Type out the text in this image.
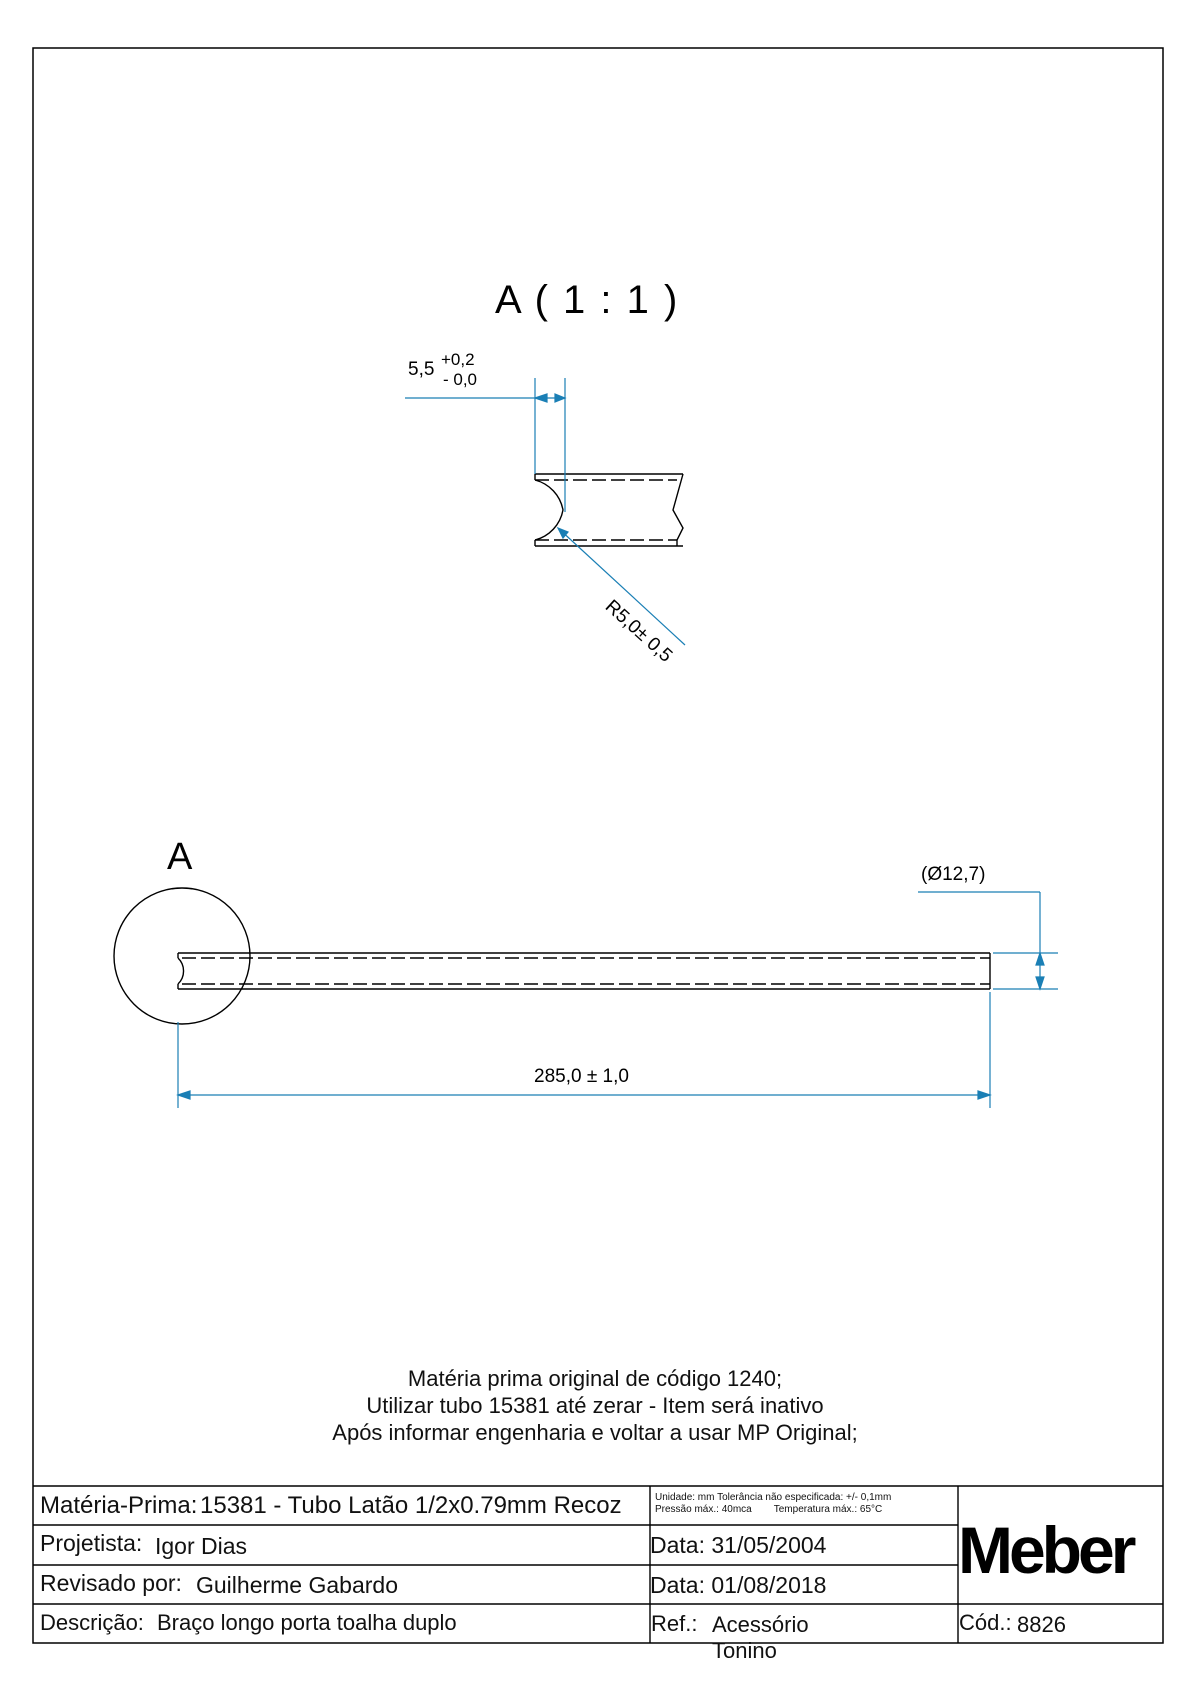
A ( 1 : 1 )
5,5 +0,2
- 0,0
R5,0± 0,5
A	(Ø12,7)
285,0 ± 1,0
Matéria prima original de código 1240;
Utilizar tubo 15381 até zerar - Item será inativo
Após informar engenharia e voltar a usar MP Original;
Matéria-Prima: 15381 - Tubo Latão 1/2x0.79mm Recoz	Unidade: mm Tolerância não especificada: +/- 0,1mm
Pressão máx.: 40mca        Temperatura máx.: 65°C
Projetista: Igor Dias	Data: 31/05/2004
Revisado por: Guilherme Gabardo	Data: 01/08/2018
Descrição: Braço longo porta toalha duplo	Ref.: Acessório
Tonino
Cód.: 8826
Meber
